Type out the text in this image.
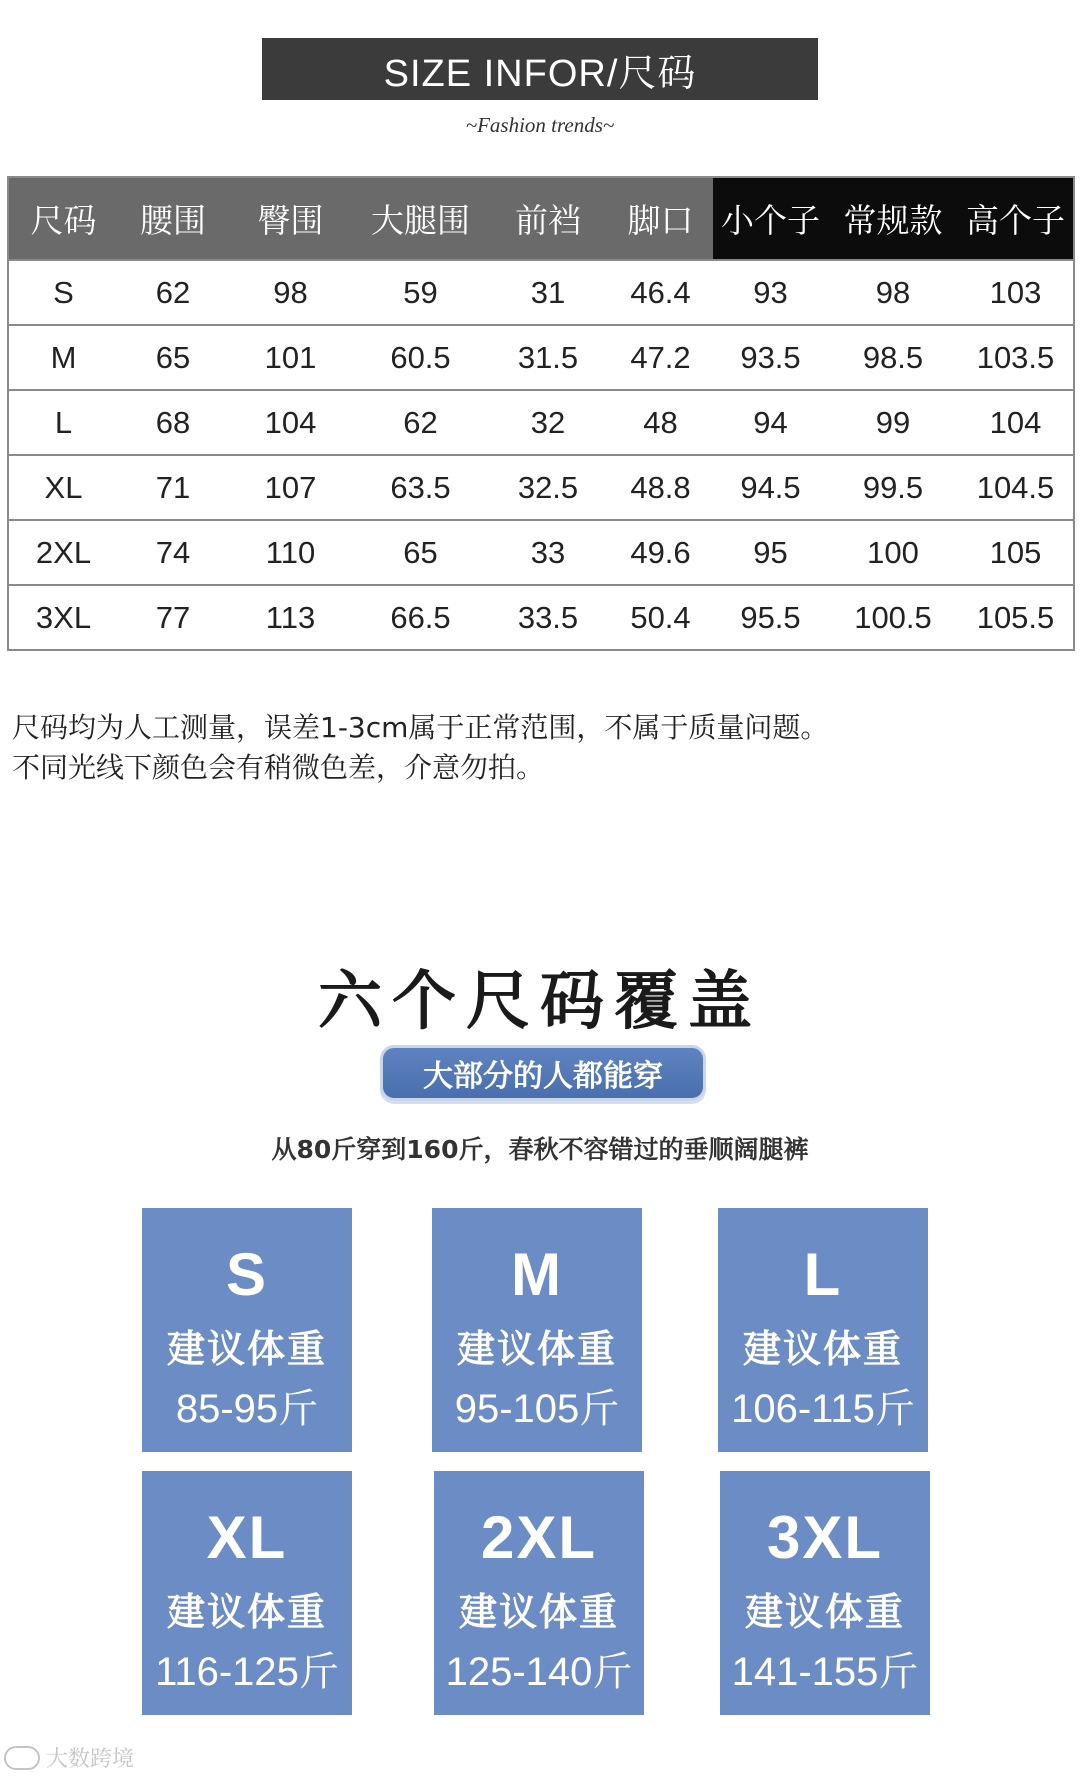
SIZE INFOR/尺码
~Fashion trends~
尺码	腰围	臀围	大腿围	前裆	脚口	小个子	常规款	高个子
S	62	98	59	31	46.4	93	98	103
M	65	101	60.5	31.5	47.2	93.5	98.5	103.5
L	68	104	62	32	48	94	99	104
XL	71	107	63.5	32.5	48.8	94.5	99.5	104.5
2XL	74	110	65	33	49.6	95	100	105
3XL	77	113	66.5	33.5	50.4	95.5	100.5	105.5
尺码均为人工测量，误差1-3cm属于正常范围，不属于质量问题。
不同光线下颜色会有稍微色差，介意勿拍。
六个尺码覆盖
大部分的人都能穿
从80斤穿到160斤，春秋不容错过的垂顺阔腿裤
S
建议体重
85-95斤
M
建议体重
95-105斤
L
建议体重
106-115斤
XL
建议体重
116-125斤
2XL
建议体重
125-140斤
3XL
建议体重
141-155斤
大数跨境
